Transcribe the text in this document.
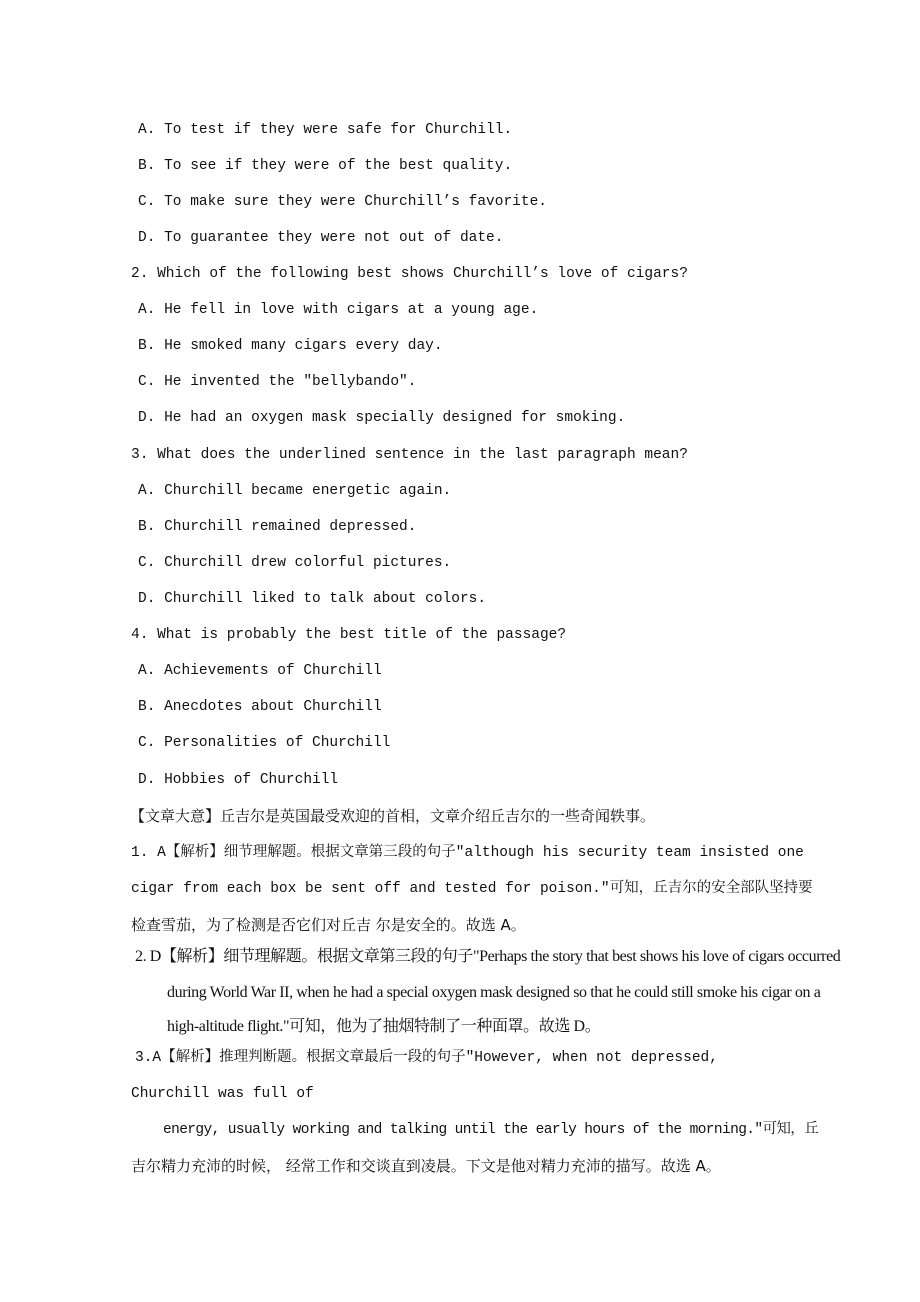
A. To test if they were safe for Churchill.
B. To see if they were of the best quality.
C. To make sure they were Churchill’s favorite.
D. To guarantee they were not out of date.
2. Which of the following best shows Churchill’s love of cigars?
A. He fell in love with cigars at a young age.
B. He smoked many cigars every day.
C. He invented the "bellybando".
D. He had an oxygen mask specially designed for smoking.
3. What does the underlined sentence in the last paragraph mean?
A. Churchill became energetic again.
B. Churchill remained depressed.
C. Churchill drew colorful pictures.
D. Churchill liked to talk about colors.
4. What is probably the best title of the passage?
A. Achievements of Churchill
B. Anecdotes about Churchill
C. Personalities of Churchill
D. Hobbies of Churchill
【文章大意】丘吉尔是英国最受欢迎的首相，文章介绍丘吉尔的一些奇闻轶事。
1. A【解析】细节理解题。根据文章第三段的句子"although his security team insisted one
cigar from each box be sent off and tested for poison."可知，丘吉尔的安全部队坚持要
检查雪茄，为了检测是否它们对丘吉 尔是安全的。故选 A。
2. D【解析】细节理解题。根据文章第三段的句子"Perhaps the story that best shows his love of cigars occurred
during World War II, when he had a special oxygen mask designed so that he could still smoke his cigar on a
high-altitude flight."可知，他为了抽烟特制了一种面罩。故选 D。
3.A【解析】推理判断题。根据文章最后一段的句子"However, when not depressed,
Churchill was full of
energy, usually working and talking until the early hours of the morning."可知，丘
吉尔精力充沛的时候， 经常工作和交谈直到凌晨。下文是他对精力充沛的描写。故选 A。
